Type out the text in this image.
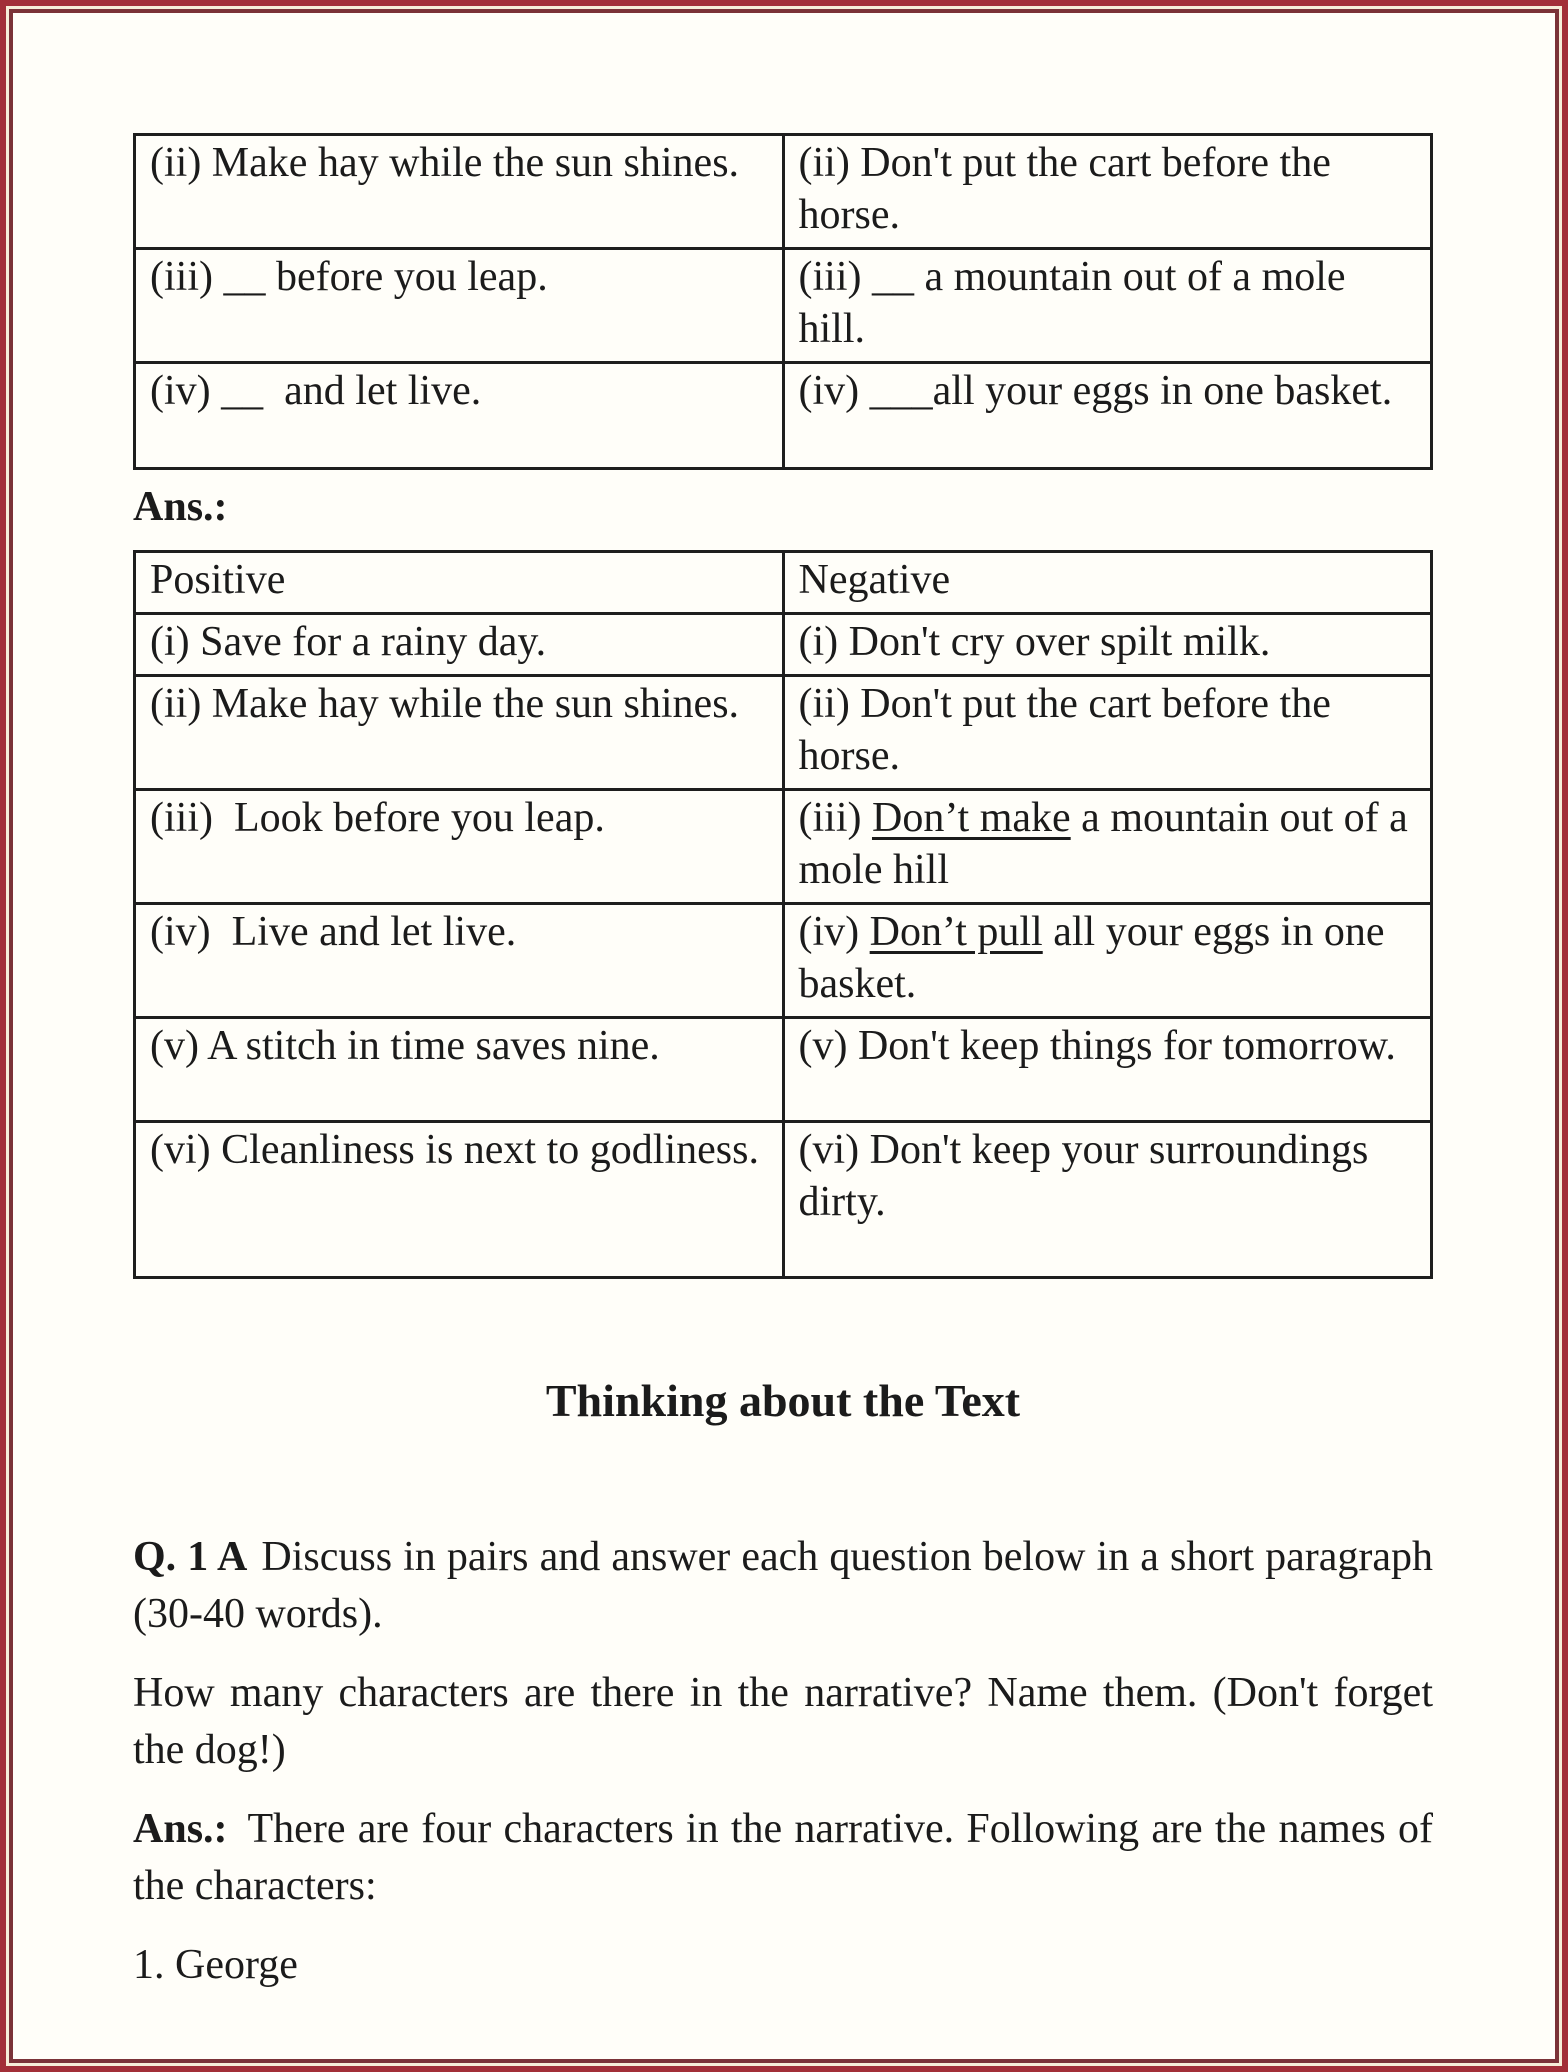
(ii) Make hay while the sun shines.	(ii) Don't put the cart before the horse.
(iii) __ before you leap.	(iii) __ a mountain out of a mole hill.
(iv) __  and let live.	(iv) ___all your eggs in one basket.

Ans.:

Positive	Negative
(i) Save for a rainy day.	(i) Don't cry over spilt milk.
(ii) Make hay while the sun shines.	(ii) Don't put the cart before the horse.
(iii)  Look before you leap.	(iii) Don’t make a mountain out of a mole hill
(iv)  Live and let live.	(iv) Don’t pull all your eggs in one basket.
(v) A stitch in time saves nine.	(v) Don't keep things for tomorrow.
(vi) Cleanliness is next to godliness.	(vi) Don't keep your surroundings dirty.
Thinking about the Text

Q. 1 A Discuss in pairs and answer each question below in a short paragraph (30-40 words).

How many characters are there in the narrative? Name them. (Don't forget the dog!)

Ans.: There are four characters in the narrative. Following are the names of the characters:

1. George
